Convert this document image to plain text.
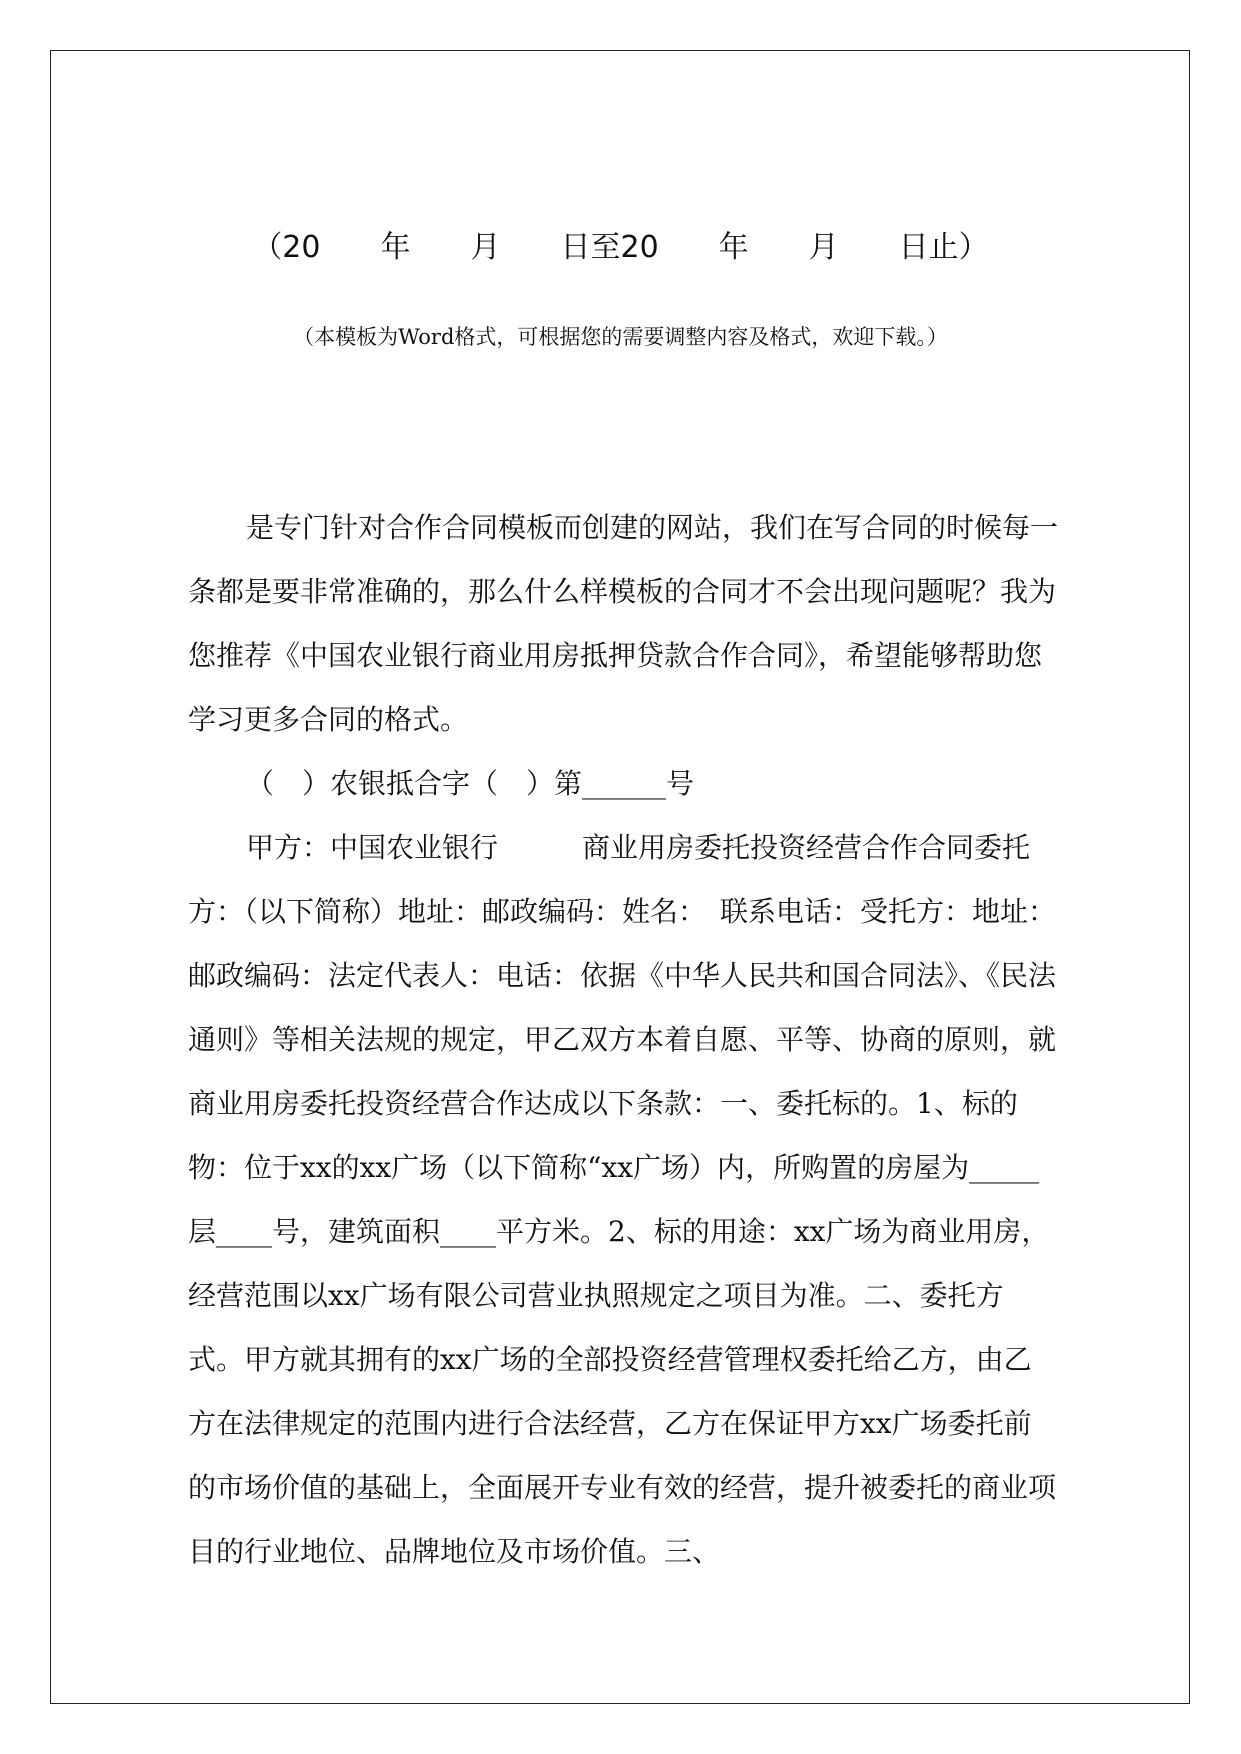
（20　　年　　月　　日至20　　年　　月　　日止）
（本模板为Word格式，可根据您的需要调整内容及格式，欢迎下载。）

是专门针对合作合同模板而创建的网站，我们在写合同的时候每一条都是要非常准确的，那么什么样模板的合同才不会出现问题呢？我为您推荐《中国农业银行商业用房抵押贷款合作合同》，希望能够帮助您学习更多合同的格式。

（　）农银抵合字（　）第______号

甲方：中国农业银行　　　商业用房委托投资经营合作合同委托方：（以下简称）地址：邮政编码：姓名：　联系电话：受托方：地址：　邮政编码：法定代表人：电话：依据《中华人民共和国合同法》、《民法通则》等相关法规的规定，甲乙双方本着自愿、平等、协商的原则，就商业用房委托投资经营合作达成以下条款：一、委托标的。1、标的物：位于xx的xx广场（以下简称“xx广场）内，所购置的房屋为_____层____号，建筑面积____平方米。2、标的用途：xx广场为商业用房，经营范围以xx广场有限公司营业执照规定之项目为准。二、委托方式。甲方就其拥有的xx广场的全部投资经营管理权委托给乙方，由乙方在法律规定的范围内进行合法经营，乙方在保证甲方xx广场委托前的市场价值的基础上，全面展开专业有效的经营，提升被委托的商业项目的行业地位、品牌地位及市场价值。三、
